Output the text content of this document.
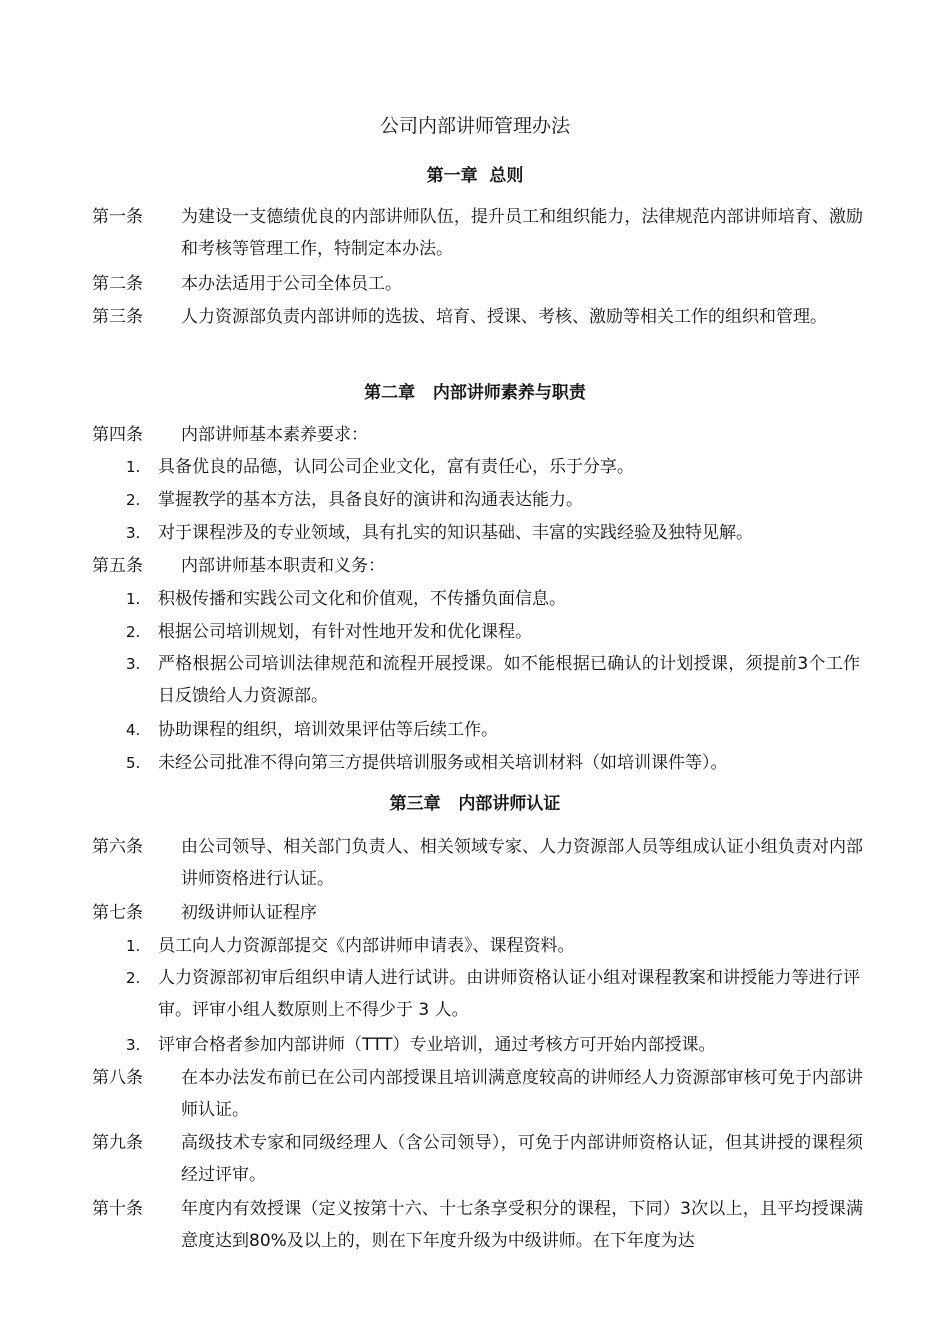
公司内部讲师管理办法
第一章  总则
第一条	为建设一支德绩优良的内部讲师队伍，提升员工和组织能力，法律规范内部讲师培育、激励和考核等管理工作，特制定本办法。
第二条	本办法适用于公司全体员工。
第三条	人力资源部负责内部讲师的选拔、培育、授课、考核、激励等相关工作的组织和管理。
第二章   内部讲师素养与职责
第四条	内部讲师基本素养要求：
1.	具备优良的品德，认同公司企业文化，富有责任心，乐于分享。
2.	掌握教学的基本方法，具备良好的演讲和沟通表达能力。
3.	对于课程涉及的专业领域，具有扎实的知识基础、丰富的实践经验及独特见解。
第五条	内部讲师基本职责和义务：
1.	积极传播和实践公司文化和价值观，不传播负面信息。
2.	根据公司培训规划，有针对性地开发和优化课程。
3.	严格根据公司培训法律规范和流程开展授课。如不能根据已确认的计划授课，须提前3个工作日反馈给人力资源部。
4.	协助课程的组织，培训效果评估等后续工作。
5.	未经公司批准不得向第三方提供培训服务或相关培训材料（如培训课件等）。
第三章   内部讲师认证
第六条	由公司领导、相关部门负责人、相关领域专家、人力资源部人员等组成认证小组负责对内部讲师资格进行认证。
第七条	初级讲师认证程序
1.	员工向人力资源部提交《内部讲师申请表》、课程资料。
2.	人力资源部初审后组织申请人进行试讲。由讲师资格认证小组对课程教案和讲授能力等进行评审。评审小组人数原则上不得少于 3 人。
3.	评审合格者参加内部讲师（TTT）专业培训，通过考核方可开始内部授课。
第八条	在本办法发布前已在公司内部授课且培训满意度较高的讲师经人力资源部审核可免于内部讲师认证。
第九条	高级技术专家和同级经理人（含公司领导），可免于内部讲师资格认证，但其讲授的课程须经过评审。
第十条	年度内有效授课（定义按第十六、十七条享受积分的课程，下同）3次以上，且平均授课满意度达到80%及以上的，则在下年度升级为中级讲师。在下年度为达
